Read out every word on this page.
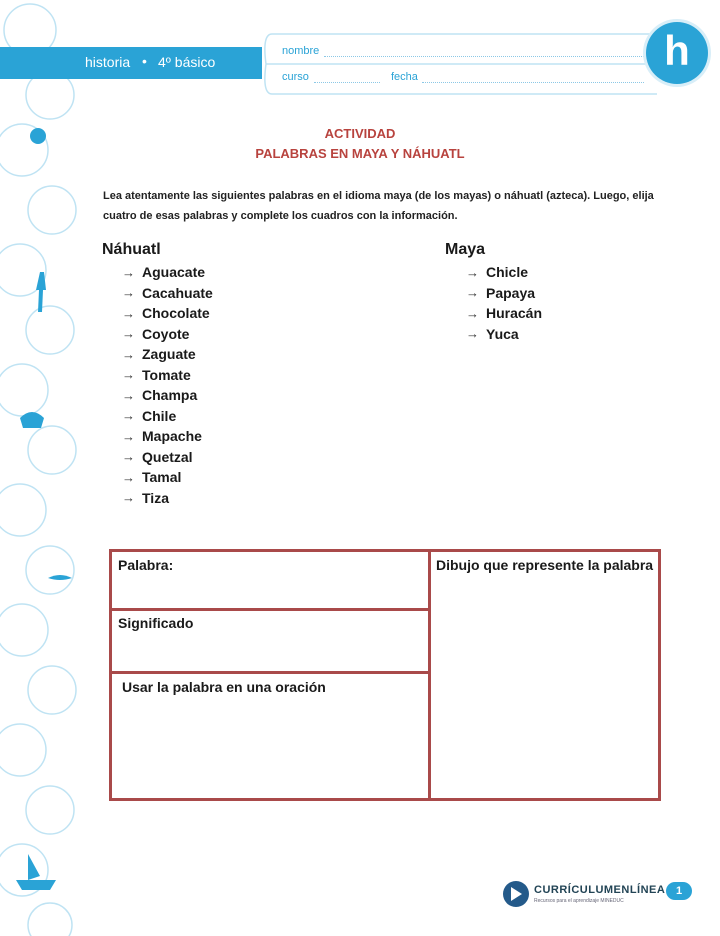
historia • 4º básico
nombre
curso	fecha
h
ACTIVIDAD
PALABRAS EN MAYA Y NÁHUATL
Lea atentamente las siguientes palabras en el idioma maya (de los mayas) o náhuatl (azteca). Luego, elija cuatro de esas palabras y complete los cuadros con la información.
Náhuatl
→ Aguacate
→ Cacahuate
→ Chocolate
→ Coyote
→ Zaguate
→ Tomate
→ Champa
→ Chile
→ Mapache
→ Quetzal
→ Tamal
→ Tiza
Maya
→ Chicle
→ Papaya
→ Huracán
→ Yuca
Palabra:
Significado
Usar la palabra en una oración
Dibujo que represente la palabra
CURRÍCULUMENLÍNEA
Recursos para el aprendizaje MINEDUC
1
